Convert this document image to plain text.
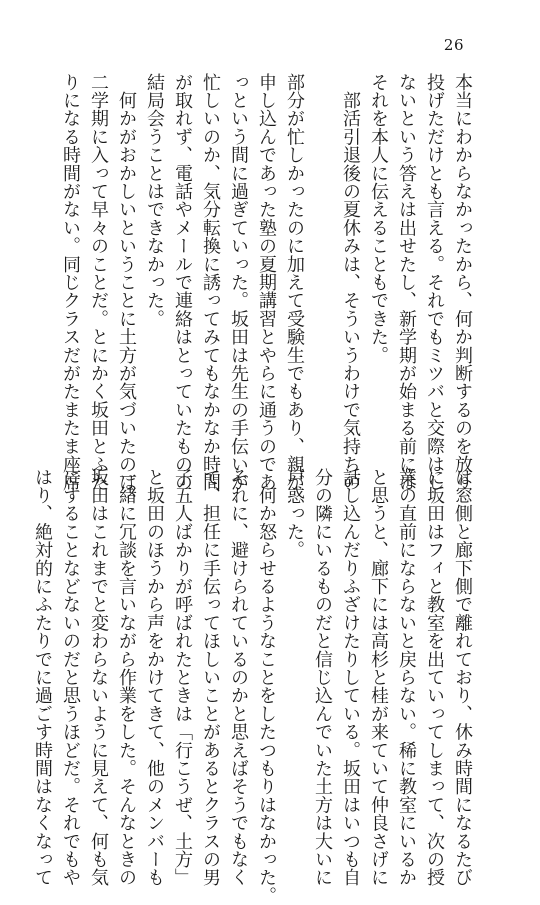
26

本当にわからなかったから、何か判断するのを放り

投げただけとも言える。それでもミツバと交際はし

ないという答えは出せたし、新学期が始まる前には

それを本人に伝えることもできた。

　部活引退後の夏休みは、そういうわけで気持ちの

部分が忙しかったのに加えて受験生でもあり、親が

申し込んであった塾の夏期講習とやらに通うのであ

っという間に過ぎていった。坂田は先生の手伝いが

忙しいのか、気分転換に誘ってみてもなかなか時間

が取れず、電話やメールで連絡はとっていたものの

結局会うことはできなかった。

　何かがおかしいということに土方が気づいたのは、

二学期に入って早々のことだ。とにかく坂田とふた

りになる時間がない。同じクラスだがたまたま座席

は窓側と廊下側で離れており、休み時間になるたび

に坂田はフィと教室を出ていってしまって、次の授

業の直前にならないと戻らない。稀に教室にいるか

と思うと、廊下には高杉と桂が来ていて仲良さげに

話し込んだりふざけたりしている。坂田はいつも自

分の隣にいるものだと信じ込んでいた土方は大いに

戸惑った。

　何か怒らせるようなことをしたつもりはなかった。

それに、避けられているのかと思えばそうでもなく

て、担任に手伝ってほしいことがあるとクラスの男

子五人ばかりが呼ばれたときは「行こうぜ、土方」

と坂田のほうから声をかけてきて、他のメンバーも

一緒に冗談を言いながら作業をした。そんなときの

坂田はこれまでと変わらないように見えて、何も気

にすることなどないのだと思うほどだ。それでもや

はり、絶対的にふたりでに過ごす時間はなくなって
